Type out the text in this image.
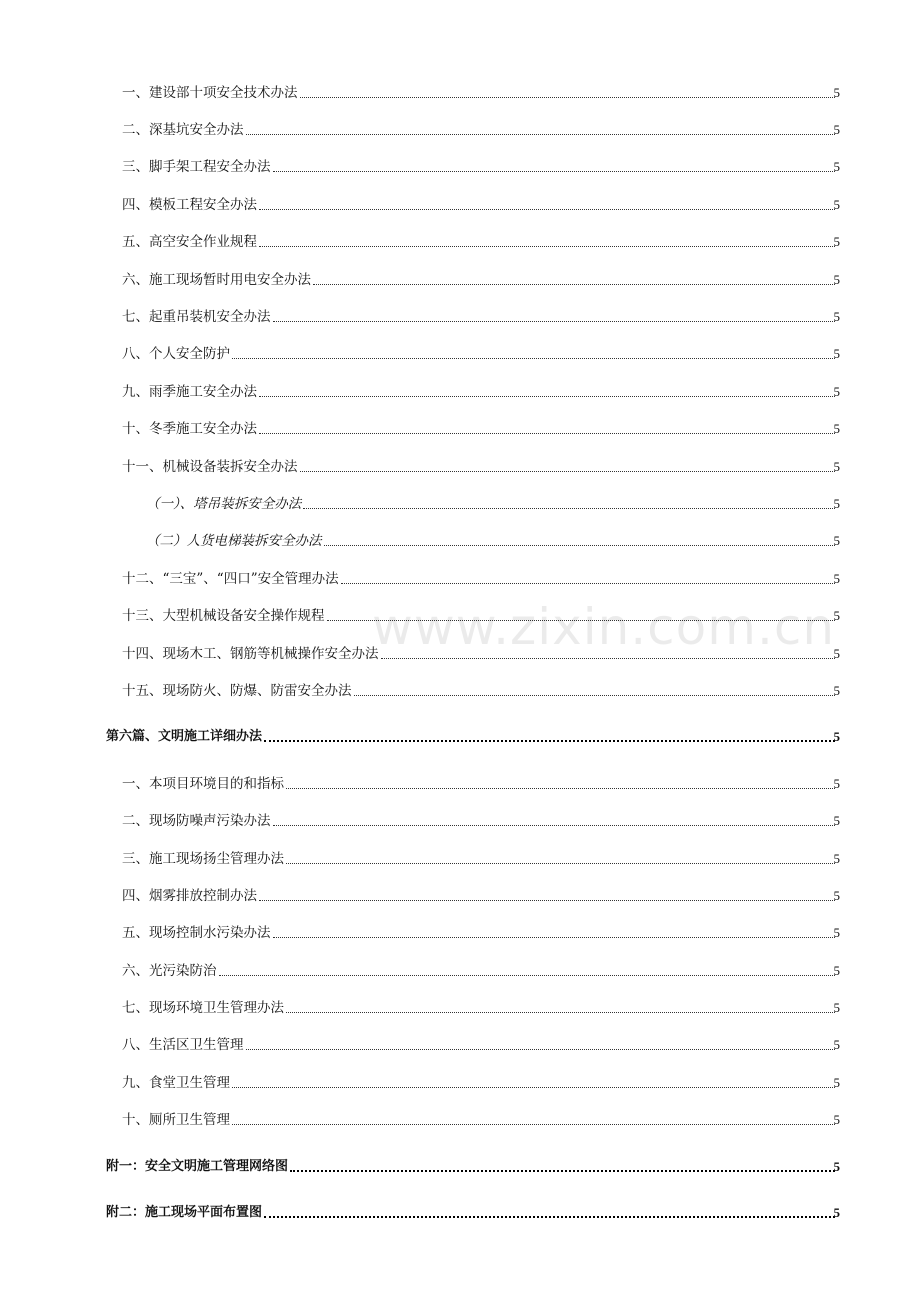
一、建设部十项安全技术办法	5
二、深基坑安全办法	5
三、脚手架工程安全办法	5
四、模板工程安全办法	5
五、高空安全作业规程	5
六、施工现场暂时用电安全办法	5
七、起重吊装机安全办法	5
八、个人安全防护	5
九、雨季施工安全办法	5
十、冬季施工安全办法	5
十一、机械设备装拆安全办法	5
（一）、塔吊装拆安全办法	5
（二）人货电梯装拆安全办法	5
十二、“三宝”、“四口”安全管理办法	5
十三、大型机械设备安全操作规程	5
十四、现场木工、钢筋等机械操作安全办法	5
十五、现场防火、防爆、防雷安全办法	5
第六篇、文明施工详细办法	5
一、本项目环境目的和指标	5
二、现场防噪声污染办法	5
三、施工现场扬尘管理办法	5
四、烟雾排放控制办法	5
五、现场控制水污染办法	5
六、光污染防治	5
七、现场环境卫生管理办法	5
八、生活区卫生管理	5
九、食堂卫生管理	5
十、厕所卫生管理	5
附一：安全文明施工管理网络图	5
附二：施工现场平面布置图	5
www.zixin.com.cn
